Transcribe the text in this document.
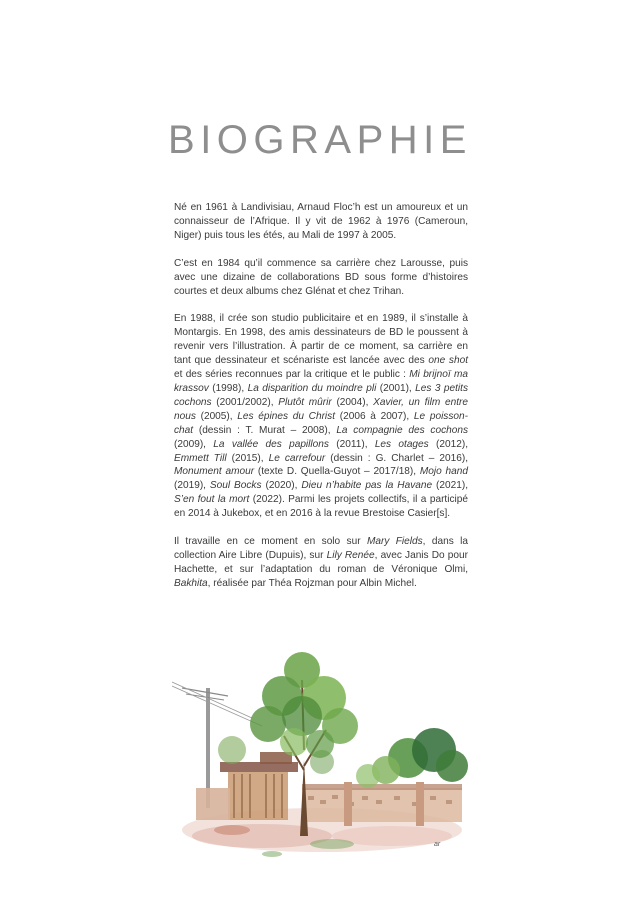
BIOGRAPHIE

Né en 1961 à Landivisiau, Arnaud Floc’h est un amoureux et un connaisseur de l’Afrique. Il y vit de 1962 à 1976 (Cameroun, Niger) puis tous les étés, au Mali de 1997 à 2005.

C’est en 1984 qu’il commence sa carrière chez Larousse, puis avec une dizaine de collaborations BD sous forme d’histoires courtes et deux albums chez Glénat et chez Trihan.

En 1988, il crée son studio publicitaire et en 1989, il s’installe à Montargis. En 1998, des amis dessinateurs de BD le poussent à revenir vers l’illustration. À partir de ce moment, sa carrière en tant que dessinateur et scénariste est lancée avec des one shot et des séries reconnues par la critique et le public : Mi brijnoï ma krassov (1998), La disparition du moindre pli (2001), Les 3 petits cochons (2001/2002), Plutôt mûrir (2004), Xavier, un film entre nous (2005), Les épines du Christ (2006 à 2007), Le poisson-chat (dessin : T. Murat – 2008), La compagnie des cochons (2009), La vallée des papillons (2011), Les otages (2012), Emmett Till (2015), Le carrefour (dessin : G. Charlet – 2016), Monument amour (texte D. Quella-Guyot – 2017/18), Mojo hand (2019), Soul Bocks (2020), Dieu n’habite pas la Havane (2021), S’en fout la mort (2022). Parmi les projets collectifs, il a participé en 2014 à Jukebox, et en 2016 à la revue Brestoise Casier[s].

Il travaille en ce moment en solo sur Mary Fields, dans la collection Aire Libre (Dupuis), sur Lily Renée, avec Janis Do pour Hachette, et sur l’adaptation du roman de Véronique Olmi, Bakhita, réalisée par Théa Rojzman pour Albin Michel.

ar
